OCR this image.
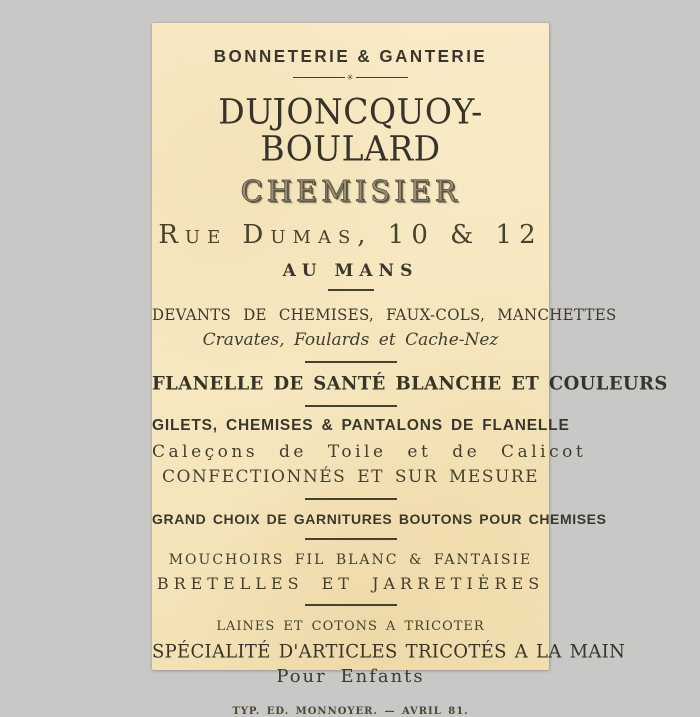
BONNETERIE & GANTERIE
✳
DUJONCQUOY-BOULARD
CHEMISIER
Rue Dumas, 10 & 12
AU MANS
DEVANTS DE CHEMISES, FAUX-COLS, MANCHETTES
Cravates, Foulards et Cache-Nez
FLANELLE DE SANTÉ BLANCHE ET COULEURS
GILETS, CHEMISES & PANTALONS DE FLANELLE
Caleçons de Toile et de Calicot
CONFECTIONNÉS ET SUR MESURE
GRAND CHOIX DE GARNITURES BOUTONS POUR CHEMISES
MOUCHOIRS FIL BLANC & FANTAISIE
BRETELLES ET JARRETIÈRES
LAINES ET COTONS A TRICOTER
SPÉCIALITÉ D'ARTICLES TRICOTÉS A LA MAIN
Pour Enfants
TYP. ED. MONNOYER. — AVRIL 81.
